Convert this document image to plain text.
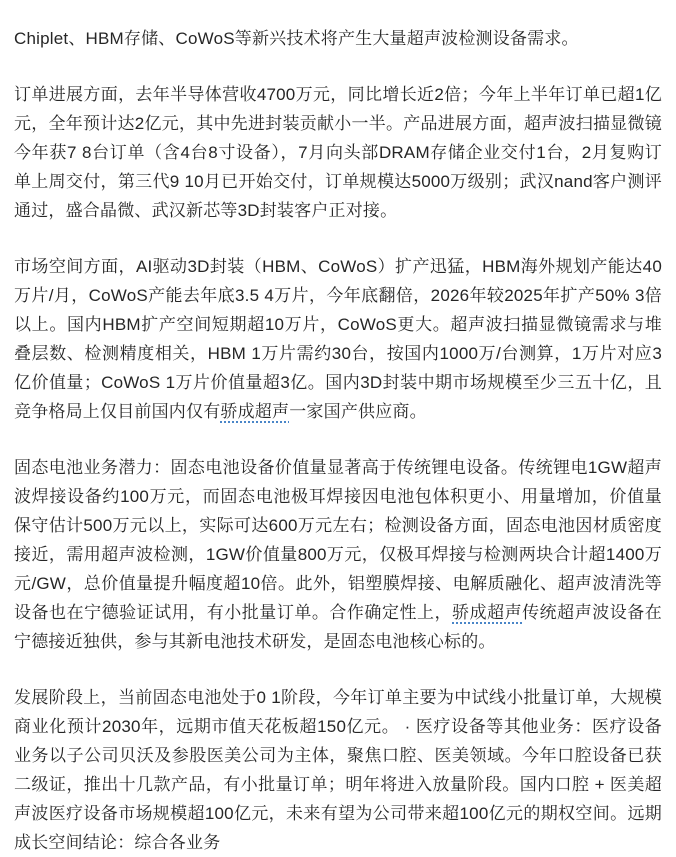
Chiplet、HBM存储、CoWoS等新兴技术将产生大量超声波检测设备需求。

订单进展方面，去年半导体营收4700万元，同比增长近2倍；今年上半年订单已超1亿元，全年预计达2亿元，其中先进封装贡献小一半。产品进展方面，超声波扫描显微镜今年获7 8台订单（含4台8寸设备），7月向头部DRAM存储企业交付1台，2月复购订单上周交付，第三代9 10月已开始交付，订单规模达5000万级别；武汉nand客户测评通过，盛合晶微、武汉新芯等3D封装客户正对接。

市场空间方面，AI驱动3D封装（HBM、CoWoS）扩产迅猛，HBM海外规划产能达40万片/月，CoWoS产能去年底3.5 4万片，今年底翻倍，2026年较2025年扩产50% 3倍以上。国内HBM扩产空间短期超10万片，CoWoS更大。超声波扫描显微镜需求与堆叠层数、检测精度相关，HBM 1万片需约30台，按国内1000万/台测算，1万片对应3亿价值量；CoWoS 1万片价值量超3亿。国内3D封装中期市场规模至少三五十亿，且竞争格局上仅目前国内仅有骄成超声一家国产供应商。

固态电池业务潜力：固态电池设备价值量显著高于传统锂电设备。传统锂电1GW超声波焊接设备约100万元，而固态电池极耳焊接因电池包体积更小、用量增加，价值量保守估计500万元以上，实际可达600万元左右；检测设备方面，固态电池因材质密度接近，需用超声波检测，1GW价值量800万元，仅极耳焊接与检测两块合计超1400万元/GW，总价值量提升幅度超10倍。此外，铝塑膜焊接、电解质融化、超声波清洗等设备也在宁德验证试用，有小批量订单。合作确定性上，骄成超声传统超声波设备在宁德接近独供，参与其新电池技术研发，是固态电池核心标的。

发展阶段上，当前固态电池处于0 1阶段，今年订单主要为中试线小批量订单，大规模商业化预计2030年，远期市值天花板超150亿元。 · 医疗设备等其他业务：医疗设备业务以子公司贝沃及参股医美公司为主体，聚焦口腔、医美领域。今年口腔设备已获二级证，推出十几款产品，有小批量订单；明年将进入放量阶段。国内口腔 + 医美超声波医疗设备市场规模超100亿元，未来有望为公司带来超100亿元的期权空间。远期成长空间结论：综合各业务
